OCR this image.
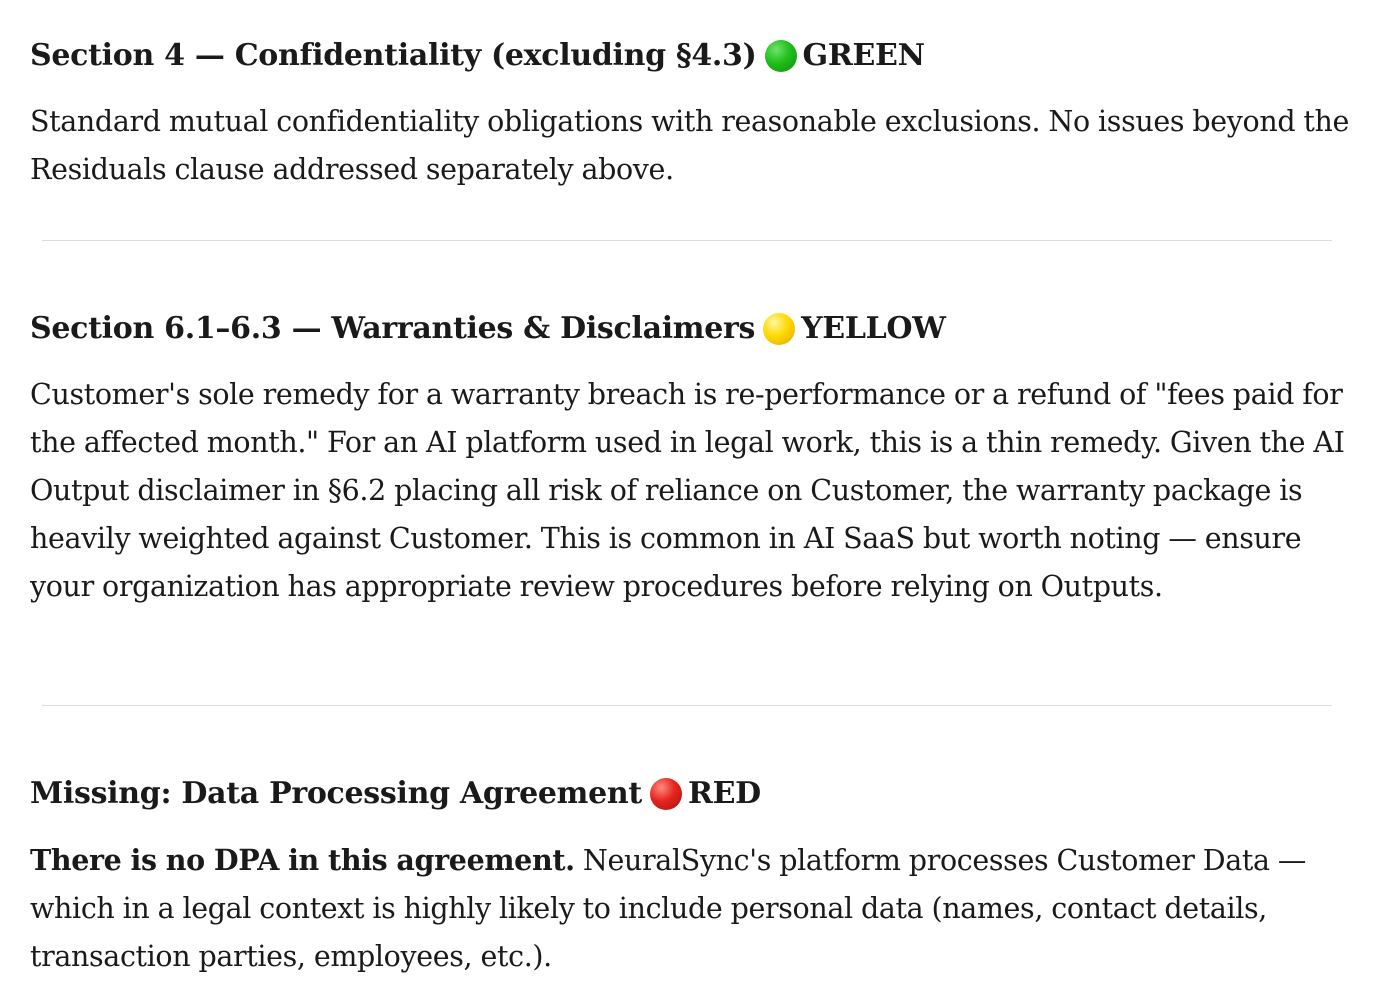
Section 4 — Confidentiality (excluding §4.3) GREEN

Standard mutual confidentiality obligations with reasonable exclusions. No issues beyond the Residuals clause addressed separately above.

Section 6.1–6.3 — Warranties & Disclaimers YELLOW

Customer's sole remedy for a warranty breach is re-performance or a refund of "fees paid for the affected month." For an AI platform used in legal work, this is a thin remedy. Given the AI Output disclaimer in §6.2 placing all risk of reliance on Customer, the warranty package is heavily weighted against Customer. This is common in AI SaaS but worth noting — ensure your organization has appropriate review procedures before relying on Outputs.

Missing: Data Processing Agreement RED

There is no DPA in this agreement. NeuralSync's platform processes Customer Data — which in a legal context is highly likely to include personal data (names, contact details, transaction parties, employees, etc.).
